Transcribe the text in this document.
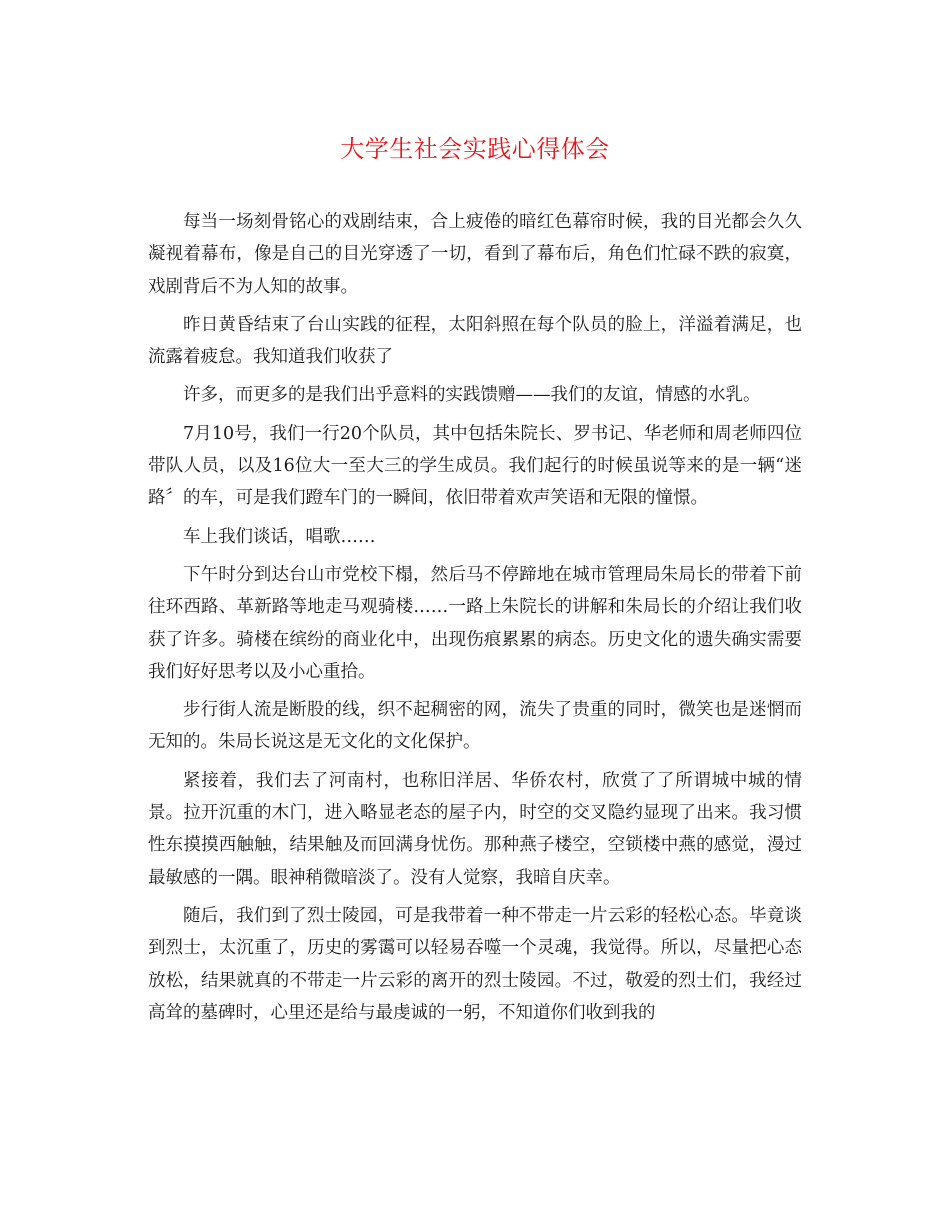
大学生社会实践心得体会

每当一场刻骨铭心的戏剧结束，合上疲倦的暗红色幕帘时候，我的目光都会久久凝视着幕布，像是自己的目光穿透了一切，看到了幕布后，角色们忙碌不跌的寂寞，戏剧背后不为人知的故事。

昨日黄昏结束了台山实践的征程，太阳斜照在每个队员的脸上，洋溢着满足，也流露着疲怠。我知道我们收获了

许多，而更多的是我们出乎意料的实践馈赠——我们的友谊，情感的水乳。

7月10号，我们一行20个队员，其中包括朱院长、罗书记、华老师和周老师四位带队人员，以及16位大一至大三的学生成员。我们起行的时候虽说等来的是一辆“迷路〞的车，可是我们蹬车门的一瞬间，依旧带着欢声笑语和无限的憧憬。

车上我们谈话，唱歌……

下午时分到达台山市党校下榻，然后马不停蹄地在城市管理局朱局长的带着下前往环西路、革新路等地走马观骑楼……一路上朱院长的讲解和朱局长的介绍让我们收获了许多。骑楼在缤纷的商业化中，出现伤痕累累的病态。历史文化的遗失确实需要我们好好思考以及小心重拾。

步行街人流是断股的线，织不起稠密的网，流失了贵重的同时，微笑也是迷惘而无知的。朱局长说这是无文化的文化保护。

紧接着，我们去了河南村，也称旧洋居、华侨农村，欣赏了了所谓城中城的情景。拉开沉重的木门，进入略显老态的屋子内，时空的交叉隐约显现了出来。我习惯性东摸摸西触触，结果触及而回满身忧伤。那种燕子楼空，空锁楼中燕的感觉，漫过最敏感的一隅。眼神稍微暗淡了。没有人觉察，我暗自庆幸。

随后，我们到了烈士陵园，可是我带着一种不带走一片云彩的轻松心态。毕竟谈到烈士，太沉重了，历史的雾霭可以轻易吞噬一个灵魂，我觉得。所以，尽量把心态放松，结果就真的不带走一片云彩的离开的烈士陵园。不过，敬爱的烈士们，我经过高耸的墓碑时，心里还是给与最虔诚的一躬，不知道你们收到我的
